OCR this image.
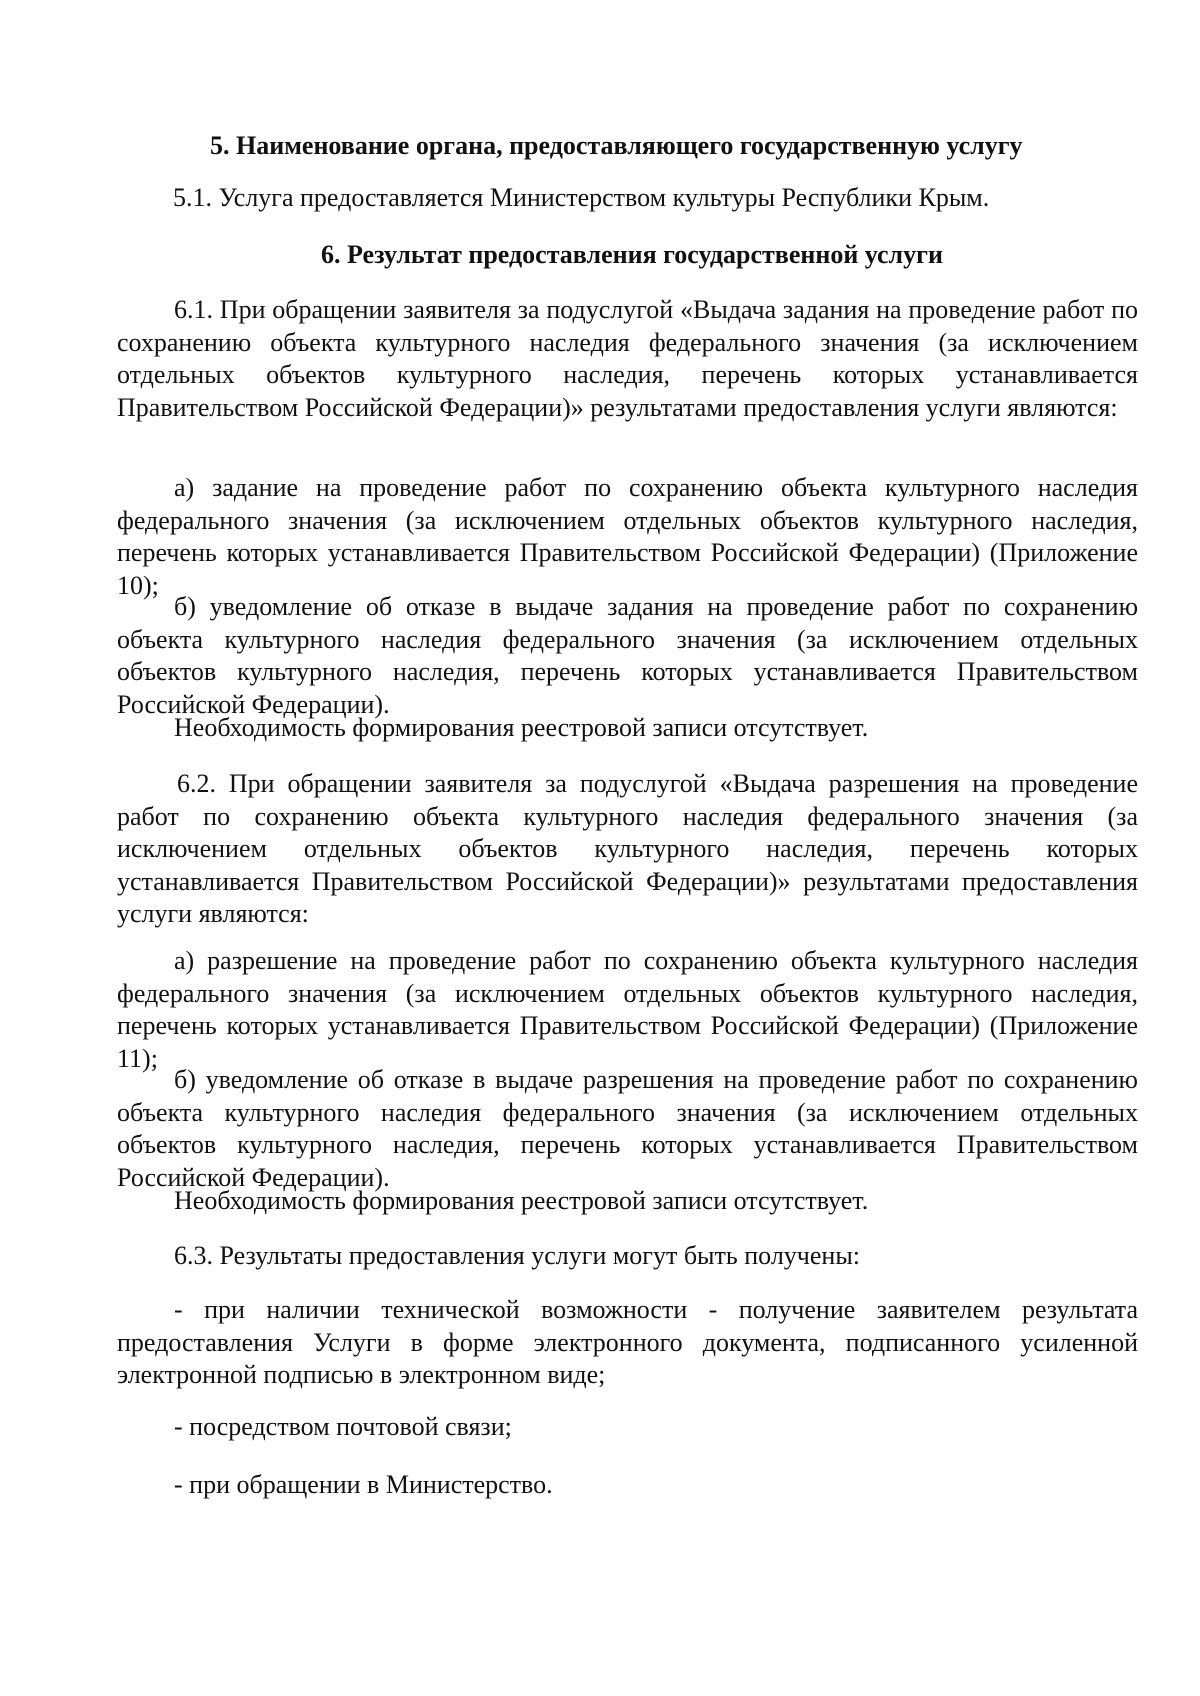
5. Наименование органа, предоставляющего государственную услугу
5.1. Услуга предоставляется Министерством культуры Республики Крым.
6. Результат предоставления государственной услуги
6.1. При обращении заявителя за подуслугой «Выдача задания на проведение работ по сохранению объекта культурного наследия федерального значения (за исключением отдельных объектов культурного наследия, перечень которых устанавливается Правительством Российской Федерации)» результатами предоставления услуги являются:
а) задание на проведение работ по сохранению объекта культурного наследия федерального значения (за исключением отдельных объектов культурного наследия, перечень которых устанавливается Правительством Российской Федерации) (Приложение 10);
б) уведомление об отказе в выдаче задания на проведение работ по сохранению объекта культурного наследия федерального значения (за исключением отдельных объектов культурного наследия, перечень которых устанавливается Правительством Российской Федерации).
Необходимость формирования реестровой записи отсутствует.
6.2. При обращении заявителя за подуслугой «Выдача разрешения на проведение работ по сохранению объекта культурного наследия федерального значения (за исключением отдельных объектов культурного наследия, перечень которых устанавливается Правительством Российской Федерации)» результатами предоставления услуги являются:
а) разрешение на проведение работ по сохранению объекта культурного наследия федерального значения (за исключением отдельных объектов культурного наследия, перечень которых устанавливается Правительством Российской Федерации) (Приложение 11);
б) уведомление об отказе в выдаче разрешения на проведение работ по сохранению объекта культурного наследия федерального значения (за исключением отдельных объектов культурного наследия, перечень которых устанавливается Правительством Российской Федерации).
Необходимость формирования реестровой записи отсутствует.
6.3. Результаты предоставления услуги могут быть получены:
- при наличии технической возможности - получение заявителем результата предоставления Услуги в форме электронного документа, подписанного усиленной электронной подписью в электронном виде;
- посредством почтовой связи;
- при обращении в Министерство.
